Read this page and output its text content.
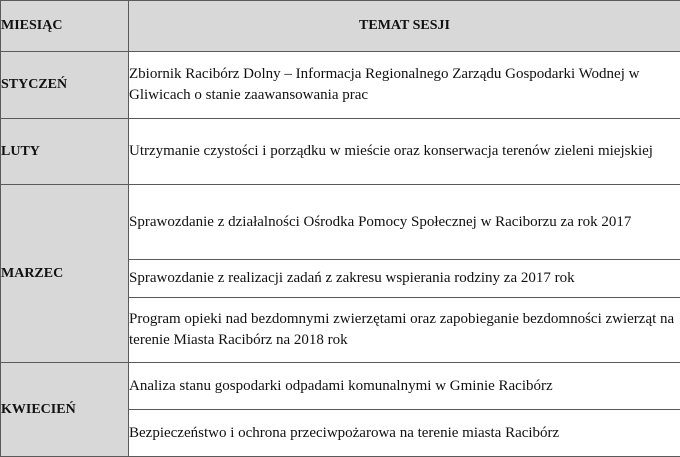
MIESIĄC	TEMAT SESJI
STYCZEŃ	Zbiornik Racibórz Dolny – Informacja Regionalnego Zarządu Gospodarki Wodnej w Gliwicach o stanie zaawansowania prac
LUTY	Utrzymanie czystości i porządku w mieście oraz konserwacja terenów zieleni miejskiej
MARZEC	Sprawozdanie z działalności Ośrodka Pomocy Społecznej w Raciborzu za rok 2017
	Sprawozdanie z realizacji zadań z zakresu wspierania rodziny za 2017 rok
	Program opieki nad bezdomnymi zwierzętami oraz zapobieganie bezdomności zwierząt na terenie Miasta Racibórz na 2018 rok
KWIECIEŃ	Analiza stanu gospodarki odpadami komunalnymi w Gminie Racibórz
	Bezpieczeństwo i ochrona przeciwpożarowa na terenie miasta Racibórz
